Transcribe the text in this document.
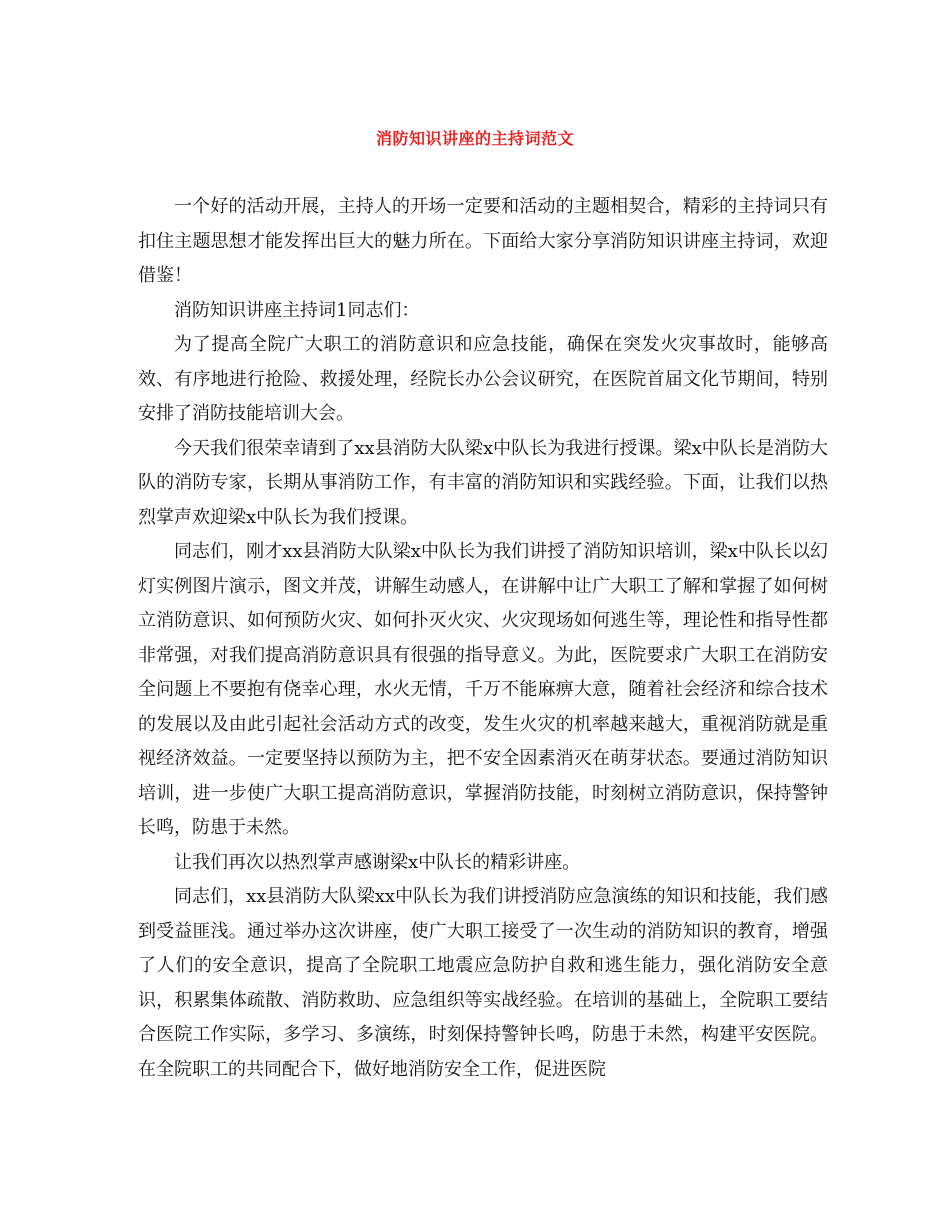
消防知识讲座的主持词范文

一个好的活动开展，主持人的开场一定要和活动的主题相契合，精彩的主持词只有扣住主题思想才能发挥出巨大的魅力所在。下面给大家分享消防知识讲座主持词，欢迎借鉴！

消防知识讲座主持词1同志们：

为了提高全院广大职工的消防意识和应急技能，确保在突发火灾事故时，能够高效、有序地进行抢险、救援处理，经院长办公会议研究，在医院首届文化节期间，特别安排了消防技能培训大会。

今天我们很荣幸请到了xx县消防大队梁x中队长为我进行授课。梁x中队长是消防大队的消防专家，长期从事消防工作，有丰富的消防知识和实践经验。下面，让我们以热烈掌声欢迎梁x中队长为我们授课。

同志们，刚才xx县消防大队梁x中队长为我们讲授了消防知识培训，梁x中队长以幻灯实例图片演示，图文并茂，讲解生动感人，在讲解中让广大职工了解和掌握了如何树立消防意识、如何预防火灾、如何扑灭火灾、火灾现场如何逃生等，理论性和指导性都非常强，对我们提高消防意识具有很强的指导意义。为此，医院要求广大职工在消防安全问题上不要抱有侥幸心理，水火无情，千万不能麻痹大意，随着社会经济和综合技术的发展以及由此引起社会活动方式的改变，发生火灾的机率越来越大，重视消防就是重视经济效益。一定要坚持以预防为主，把不安全因素消灭在萌芽状态。要通过消防知识培训，进一步使广大职工提高消防意识，掌握消防技能，时刻树立消防意识，保持警钟长鸣，防患于未然。

让我们再次以热烈掌声感谢梁x中队长的精彩讲座。

同志们，xx县消防大队梁xx中队长为我们讲授消防应急演练的知识和技能，我们感到受益匪浅。通过举办这次讲座，使广大职工接受了一次生动的消防知识的教育，增强了人们的安全意识，提高了全院职工地震应急防护自救和逃生能力，强化消防安全意识，积累集体疏散、消防救助、应急组织等实战经验。在培训的基础上，全院职工要结合医院工作实际，多学习、多演练，时刻保持警钟长鸣，防患于未然，构建平安医院。在全院职工的共同配合下，做好地消防安全工作，促进医院
